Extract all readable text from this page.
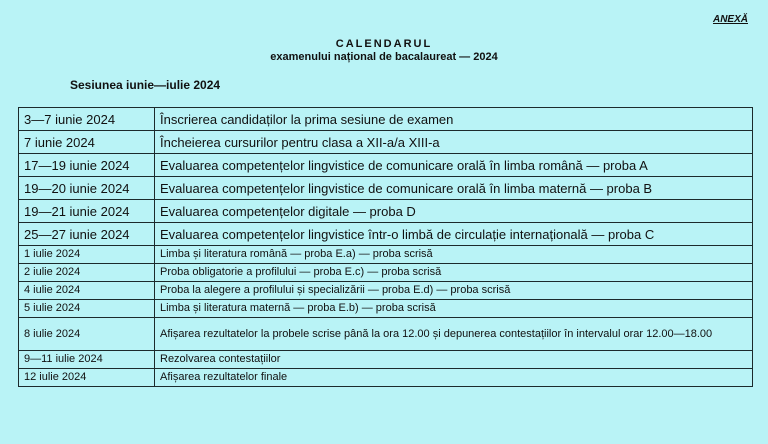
ANEXĂ
CALENDARUL
examenului național de bacalaureat — 2024
Sesiunea iunie—iulie 2024
3—7 iunie 2024	Înscrierea candidaților la prima sesiune de examen
7 iunie 2024	Încheierea cursurilor pentru clasa a XII-a/a XIII-a
17—19 iunie 2024	Evaluarea competențelor lingvistice de comunicare orală în limba română — proba A
19—20 iunie 2024	Evaluarea competențelor lingvistice de comunicare orală în limba maternă — proba B
19—21 iunie 2024	Evaluarea competențelor digitale — proba D
25—27 iunie 2024	Evaluarea competențelor lingvistice într-o limbă de circulație internațională — proba C
1 iulie 2024	Limba și literatura română — proba E.a) — proba scrisă
2 iulie 2024	Proba obligatorie a profilului — proba E.c) — proba scrisă
4 iulie 2024	Proba la alegere a profilului și specializării — proba E.d) — proba scrisă
5 iulie 2024	Limba și literatura maternă — proba E.b) — proba scrisă
8 iulie 2024	Afișarea rezultatelor la probele scrise până la ora 12.00 și depunerea contestațiilor în intervalul orar 12.00—18.00
9—11 iulie 2024	Rezolvarea contestațiilor
12 iulie 2024	Afișarea rezultatelor finale
